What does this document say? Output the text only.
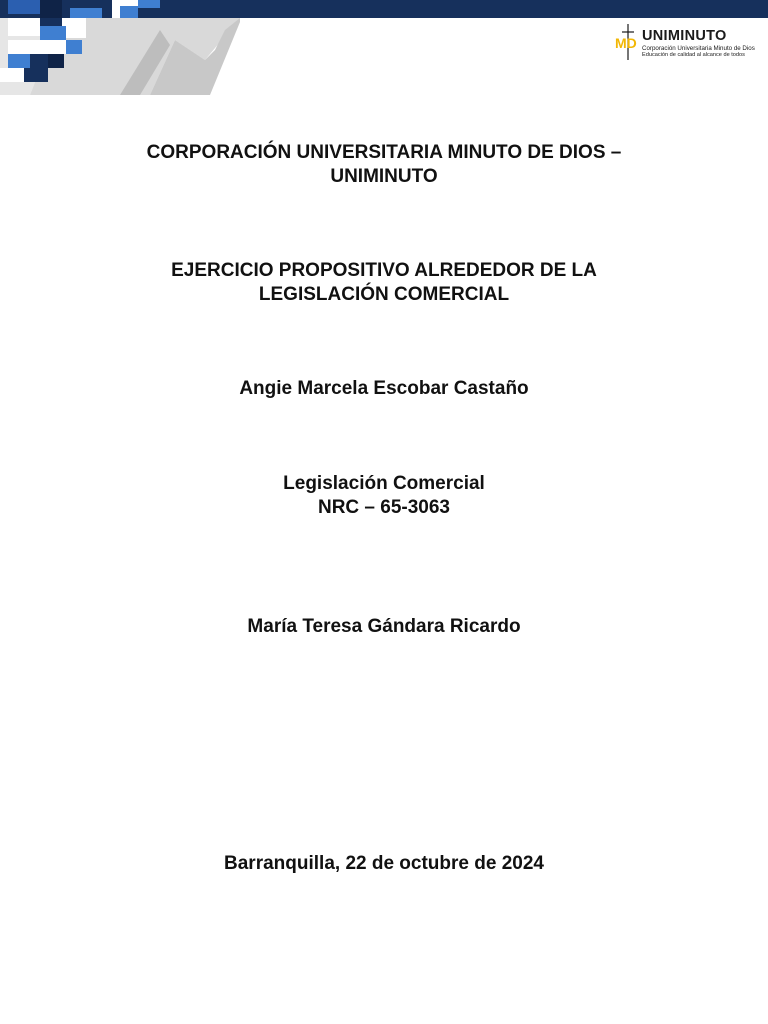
MD UNIMINUTO
Corporación Universitaria Minuto de Dios
Educación de calidad al alcance de todos
CORPORACIÓN UNIVERSITARIA MINUTO DE DIOS –
UNIMINUTO
EJERCICIO PROPOSITIVO ALREDEDOR DE LA
LEGISLACIÓN COMERCIAL
Angie Marcela Escobar Castaño
Legislación Comercial
NRC – 65-3063
María Teresa Gándara Ricardo
Barranquilla, 22 de octubre de 2024
